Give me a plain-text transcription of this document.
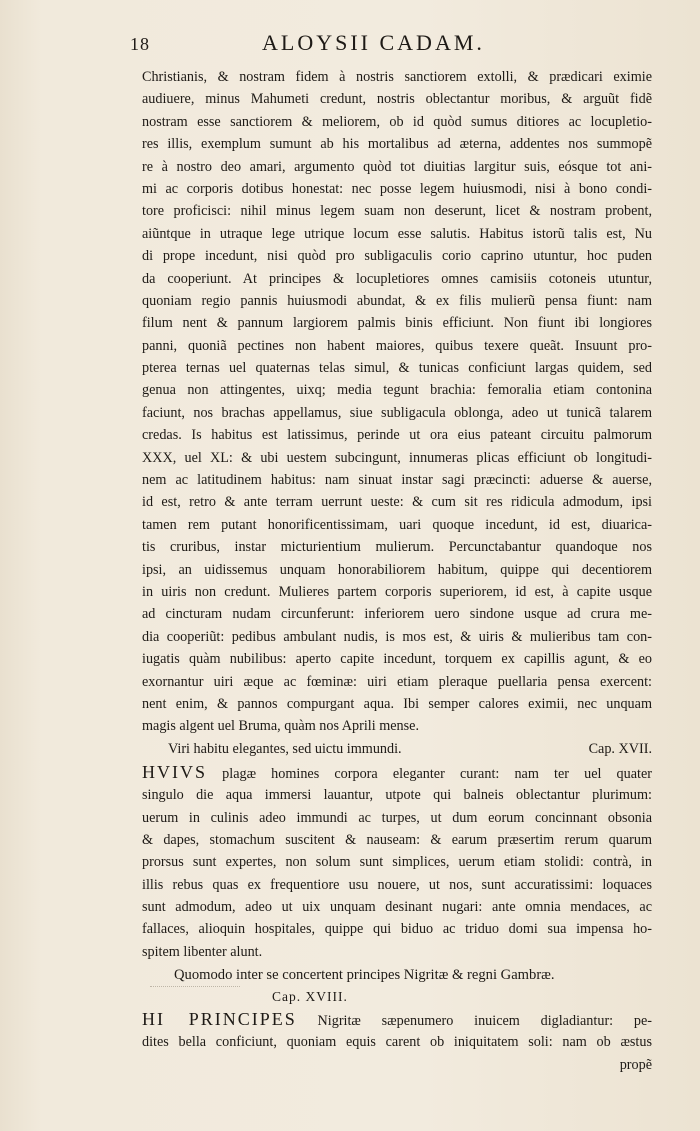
18	ALOYSII CADAM.
Christianis, & nostram fidem à nostris sanctiorem extolli, & prædicari eximie
audiuere, minus Mahumeti credunt, nostris oblectantur moribus, & arguũt fidẽ
nostram esse sanctiorem & meliorem, ob id quòd sumus ditiores ac locupletio-
res illis, exemplum sumunt ab his mortalibus ad æterna, addentes nos summopẽ
re à nostro deo amari, argumento quòd tot diuitias largitur suis, eósque tot ani-
mi ac corporis dotibus honestat: nec posse legem huiusmodi, nisi à bono condi-
tore proficisci: nihil minus legem suam non deserunt, licet & nostram probent,
aiũntque in utraque lege utrique locum esse salutis. Habitus istorũ talis est, Nu
di prope incedunt, nisi quòd pro subligaculis corio caprino utuntur, hoc puden
da cooperiunt. At principes & locupletiores omnes camisiis cotoneis utuntur,
quoniam regio pannis huiusmodi abundat, & ex filis mulierũ pensa fiunt: nam
filum nent & pannum largiorem palmis binis efficiunt. Non fiunt ibi longiores
panni, quoniã pectines non habent maiores, quibus texere queãt. Insuunt pro-
pterea ternas uel quaternas telas simul, & tunicas conficiunt largas quidem, sed
genua non attingentes, uixq; media tegunt brachia: femoralia etiam contonina
faciunt, nos brachas appellamus, siue subligacula oblonga, adeo ut tunicã talarem
credas. Is habitus est latissimus, perinde ut ora eius pateant circuitu palmorum
XXX, uel XL: & ubi uestem subcingunt, innumeras plicas efficiunt ob longitudi-
nem ac latitudinem habitus: nam sinuat instar sagi præcincti: aduerse & auerse,
id est, retro & ante terram uerrunt ueste: & cum sit res ridicula admodum, ipsi
tamen rem putant honorificentissimam, uari quoque incedunt, id est, diuarica-
tis cruribus, instar micturientium mulierum. Percunctabantur quandoque nos
ipsi, an uidissemus unquam honorabiliorem habitum, quippe qui decentiorem
in uiris non credunt. Mulieres partem corporis superiorem, id est, à capite usque
ad cincturam nudam circunferunt: inferiorem uero sindone usque ad crura me-
dia cooperiũt: pedibus ambulant nudis, is mos est, & uiris & mulieribus tam con-
iugatis quàm nubilibus: aperto capite incedunt, torquem ex capillis agunt, & eo
exornantur uiri æque ac fœminæ: uiri etiam pleraque puellaria pensa exercent:
nent enim, & pannos compurgant aqua. Ibi semper calores eximii, nec unquam
magis algent uel Bruma, quàm nos Aprili mense.
Viri habitu elegantes, sed uictu immundi.	Cap. XVII.
HVIVS plagæ homines corpora eleganter curant: nam ter uel quater
singulo die aqua immersi lauantur, utpote qui balneis oblectantur plurimum:
uerum in culinis adeo immundi ac turpes, ut dum eorum concinnant obsonia
& dapes, stomachum suscitent & nauseam: & earum præsertim rerum quarum
prorsus sunt expertes, non solum sunt simplices, uerum etiam stolidi: contrà, in
illis rebus quas ex frequentiore usu nouere, ut nos, sunt accuratissimi: loquaces
sunt admodum, adeo ut uix unquam desinant nugari: ante omnia mendaces, ac
fallaces, alioquin hospitales, quippe qui biduo ac triduo domi sua impensa ho-
spitem libenter alunt.
Quomodo inter se concertent principes Nigritæ & regni Gambræ.
Cap. XVIII.
HI PRINCIPES Nigritæ sæpenumero inuicem digladiantur: pe-
dites bella conficiunt, quoniam equis carent ob iniquitatem soli: nam ob æstus
propẽ
